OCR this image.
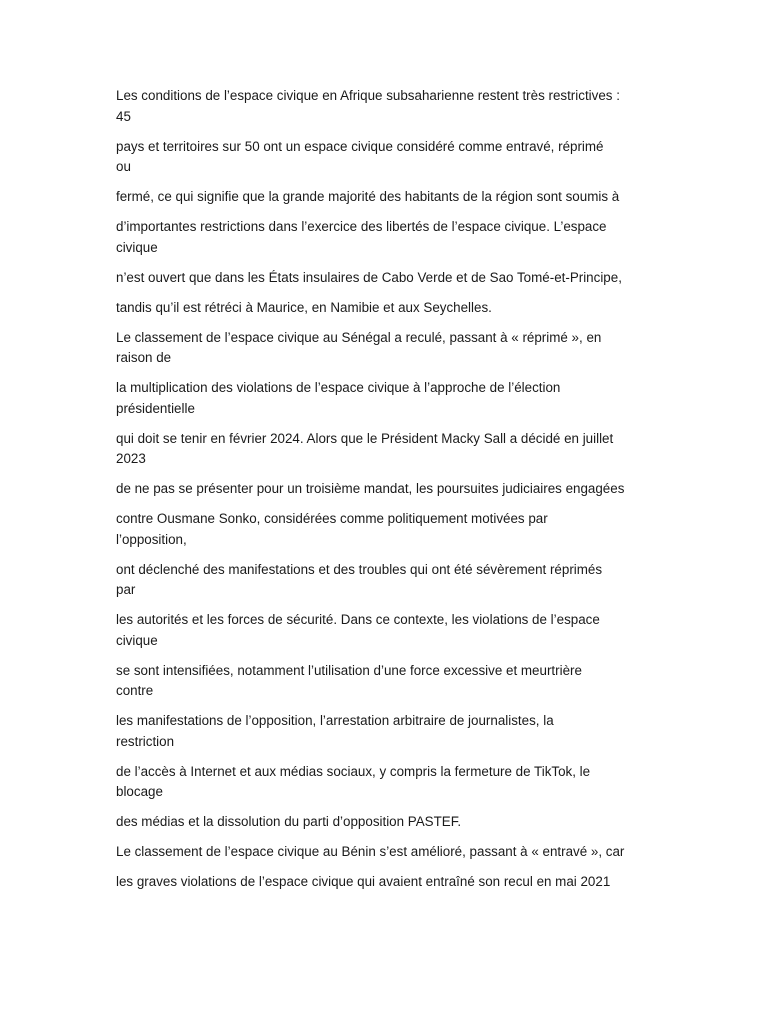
Les conditions de l’espace civique en Afrique subsaharienne restent très restrictives :
45

pays et territoires sur 50 ont un espace civique considéré comme entravé, réprimé
ou

fermé, ce qui signifie que la grande majorité des habitants de la région sont soumis à

d’importantes restrictions dans l’exercice des libertés de l’espace civique. L’espace
civique

n’est ouvert que dans les États insulaires de Cabo Verde et de Sao Tomé-et-Principe,

tandis qu’il est rétréci à Maurice, en Namibie et aux Seychelles.

Le classement de l’espace civique au Sénégal a reculé, passant à « réprimé », en
raison de

la multiplication des violations de l’espace civique à l’approche de l’élection
présidentielle

qui doit se tenir en février 2024. Alors que le Président Macky Sall a décidé en juillet
2023

de ne pas se présenter pour un troisième mandat, les poursuites judiciaires engagées

contre Ousmane Sonko, considérées comme politiquement motivées par
l’opposition,

ont déclenché des manifestations et des troubles qui ont été sévèrement réprimés
par

les autorités et les forces de sécurité. Dans ce contexte, les violations de l’espace
civique

se sont intensifiées, notamment l’utilisation d’une force excessive et meurtrière
contre

les manifestations de l’opposition, l’arrestation arbitraire de journalistes, la
restriction

de l’accès à Internet et aux médias sociaux, y compris la fermeture de TikTok, le
blocage

des médias et la dissolution du parti d’opposition PASTEF.

Le classement de l’espace civique au Bénin s’est amélioré, passant à « entravé », car

les graves violations de l’espace civique qui avaient entraîné son recul en mai 2021
